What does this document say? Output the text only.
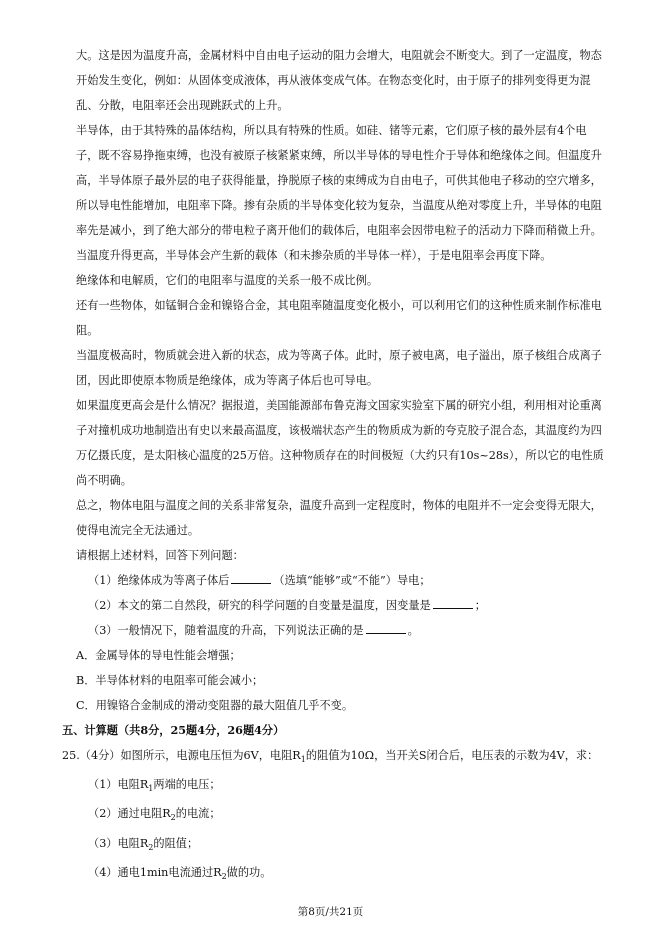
大。这是因为温度升高，金属材料中自由电子运动的阻力会增大，电阻就会不断变大。到了一定温度，物态开始发生变化，例如：从固体变成液体，再从液体变成气体。在物态变化时，由于原子的排列变得更为混乱、分散，电阻率还会出现跳跃式的上升。

半导体，由于其特殊的晶体结构，所以具有特殊的性质。如硅、锗等元素，它们原子核的最外层有4个电子，既不容易挣拖束缚，也没有被原子核紧紧束缚，所以半导体的导电性介于导体和绝缘体之间。但温度升高，半导体原子最外层的电子获得能量，挣脱原子核的束缚成为自由电子，可供其他电子移动的空穴增多，所以导电性能增加，电阻率下降。掺有杂质的半导体变化较为复杂，当温度从绝对零度上升，半导体的电阻率先是减小，到了绝大部分的带电粒子离开他们的载体后，电阻率会因带电粒子的活动力下降而稍微上升。当温度升得更高，半导体会产生新的载体（和未掺杂质的半导体一样），于是电阻率会再度下降。

绝缘体和电解质，它们的电阻率与温度的关系一般不成比例。

还有一些物体，如锰铜合金和镍铬合金，其电阻率随温度变化极小，可以利用它们的这种性质来制作标准电阻。

当温度极高时，物质就会进入新的状态，成为等离子体。此时，原子被电离，电子溢出，原子核组合成离子团，因此即使原本物质是绝缘体，成为等离子体后也可导电。

如果温度更高会是什么情况？据报道，美国能源部布鲁克海文国家实验室下属的研究小组，利用相对论重离子对撞机成功地制造出有史以来最高温度，该极端状态产生的物质成为新的夸克胶子混合态，其温度约为四万亿摄氏度，是太阳核心温度的25万倍。这种物质存在的时间极短（大约只有10s~28s），所以它的电性质尚不明确。

总之，物体电阻与温度之间的关系非常复杂，温度升高到一定程度时，物体的电阻并不一定会变得无限大，使得电流完全无法通过。

请根据上述材料，回答下列问题：

（1）绝缘体成为等离子体后	（选填“能够”或“不能”）导电；

（2）本文的第二自然段，研究的科学问题的自变量是温度，因变量是	；

（3）一般情况下，随着温度的升高，下列说法正确的是	。

A．金属导体的导电性能会增强；

B．半导体材料的电阻率可能会减小；

C．用镍铬合金制成的滑动变阻器的最大阻值几乎不变。

五、计算题（共8分，25题4分，26题4分）

25.（4分）如图所示，电源电压恒为6V，电阻$R_1$的阻值为10Ω，当开关S闭合后，电压表的示数为4V，求：

（1）电阻$R_1$两端的电压；

（2）通过电阻$R_2$的电流；

（3）电阻$R_2$的阻值；

（4）通电1min电流通过$R_2$做的功。

第8页/共21页
